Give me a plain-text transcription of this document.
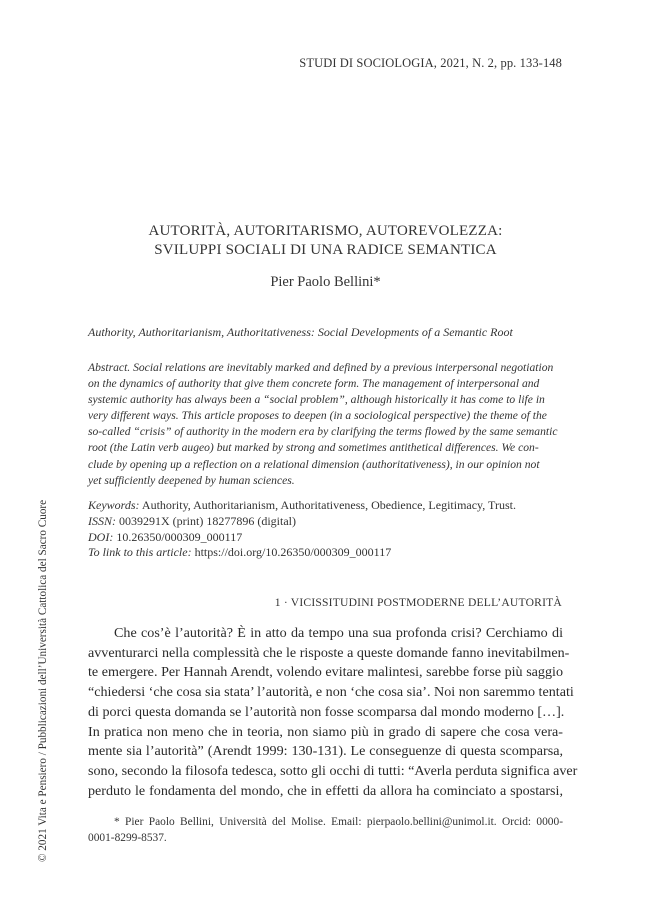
STUDI DI SOCIOLOGIA, 2021, N. 2, pp. 133-148
AUTORITÀ, AUTORITARISMO, AUTOREVOLEZZA:
SVILUPPI SOCIALI DI UNA RADICE SEMANTICA
Pier Paolo Bellini*
Authority, Authoritarianism, Authoritativeness: Social Developments of a Semantic Root
Abstract. Social relations are inevitably marked and defined by a previous interpersonal negotiation
on the dynamics of authority that give them concrete form. The management of interpersonal and
systemic authority has always been a “social problem”, although historically it has come to life in
very different ways. This article proposes to deepen (in a sociological perspective) the theme of the
so-called “crisis” of authority in the modern era by clarifying the terms flowed by the same semantic
root (the Latin verb augeo) but marked by strong and sometimes antithetical differences. We con-
clude by opening up a reflection on a relational dimension (authoritativeness), in our opinion not
yet sufficiently deepened by human sciences.
Keywords: Authority, Authoritarianism, Authoritativeness, Obedience, Legitimacy, Trust.
ISSN: 0039291X (print) 18277896 (digital)
DOI: 10.26350/000309_000117
To link to this article: https://doi.org/10.26350/000309_000117
1 · VICISSITUDINI POSTMODERNE DELL’AUTORITÀ
Che cos’è l’autorità? È in atto da tempo una sua profonda crisi? Cerchiamo di
avventurarci nella complessità che le risposte a queste domande fanno inevitabilmen-
te emergere. Per Hannah Arendt, volendo evitare malintesi, sarebbe forse più saggio
“chiedersi ‘che cosa sia stata’ l’autorità, e non ‘che cosa sia’. Noi non saremmo tentati
di porci questa domanda se l’autorità non fosse scomparsa dal mondo moderno […].
In pratica non meno che in teoria, non siamo più in grado di sapere che cosa vera-
mente sia l’autorità” (Arendt 1999: 130-131). Le conseguenze di questa scomparsa,
sono, secondo la filosofa tedesca, sotto gli occhi di tutti: “Averla perduta significa aver
perduto le fondamenta del mondo, che in effetti da allora ha cominciato a spostarsi,
* Pier Paolo Bellini, Università del Molise. Email: pierpaolo.bellini@unimol.it. Orcid: 0000-
0001-8299-8537.
© 2021 Vita e Pensiero / Pubblicazioni dell’Università Cattolica del Sacro Cuore
